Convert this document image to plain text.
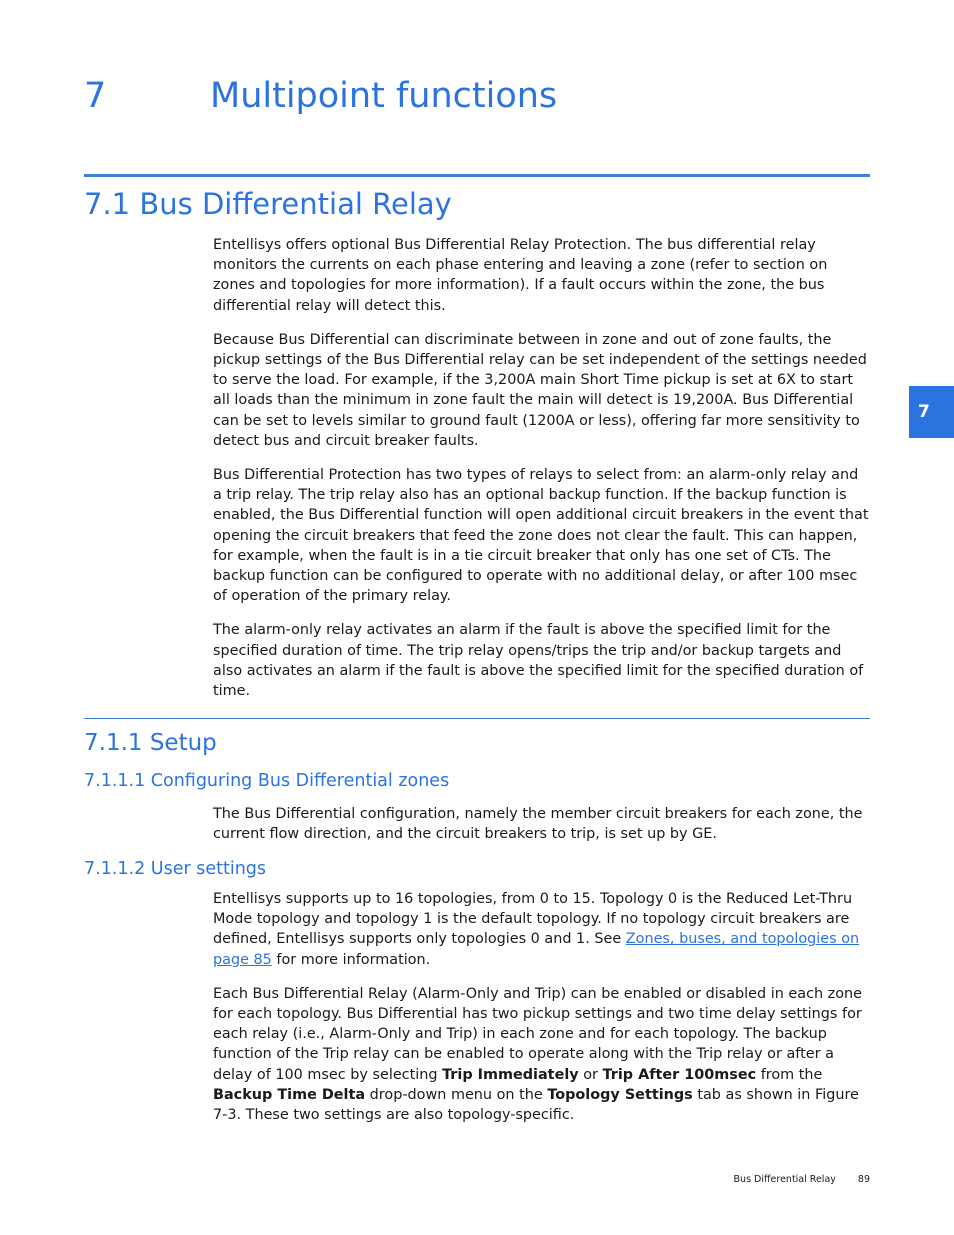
7	Multipoint functions
7.1 Bus Differential Relay

Entellisys offers optional Bus Differential Relay Protection. The bus differential relay monitors the currents on each phase entering and leaving a zone (refer to section on zones and topologies for more information). If a fault occurs within the zone, the bus differential relay will detect this.

Because Bus Differential can discriminate between in zone and out of zone faults, the pickup settings of the Bus Differential relay can be set independent of the settings needed to serve the load. For example, if the 3,200A main Short Time pickup is set at 6X to start all loads than the minimum in zone fault the main will detect is 19,200A. Bus Differential can be set to levels similar to ground fault (1200A or less), offering far more sensitivity to detect bus and circuit breaker faults.

Bus Differential Protection has two types of relays to select from: an alarm-only relay and a trip relay. The trip relay also has an optional backup function. If the backup function is enabled, the Bus Differential function will open additional circuit breakers in the event that opening the circuit breakers that feed the zone does not clear the fault. This can happen, for example, when the fault is in a tie circuit breaker that only has one set of CTs. The backup function can be configured to operate with no additional delay, or after 100 msec of operation of the primary relay.

The alarm-only relay activates an alarm if the fault is above the specified limit for the specified duration of time. The trip relay opens/trips the trip and/or backup targets and also activates an alarm if the fault is above the specified limit for the specified duration of time.

7
7.1.1 Setup
7.1.1.1 Configuring Bus Differential zones

The Bus Differential configuration, namely the member circuit breakers for each zone, the current flow direction, and the circuit breakers to trip, is set up by GE.

7.1.1.2 User settings

Entellisys supports up to 16 topologies, from 0 to 15. Topology 0 is the Reduced Let-Thru Mode topology and topology 1 is the default topology. If no topology circuit breakers are defined, Entellisys supports only topologies 0 and 1. See Zones, buses, and topologies on page 85 for more information.

Each Bus Differential Relay (Alarm-Only and Trip) can be enabled or disabled in each zone for each topology. Bus Differential has two pickup settings and two time delay settings for each relay (i.e., Alarm-Only and Trip) in each zone and for each topology. The backup function of the Trip relay can be enabled to operate along with the Trip relay or after a delay of 100 msec by selecting Trip Immediately or Trip After 100msec from the Backup Time Delta drop-down menu on the Topology Settings tab as shown in Figure 7-3. These two settings are also topology-specific.

Bus Differential Relay 89
